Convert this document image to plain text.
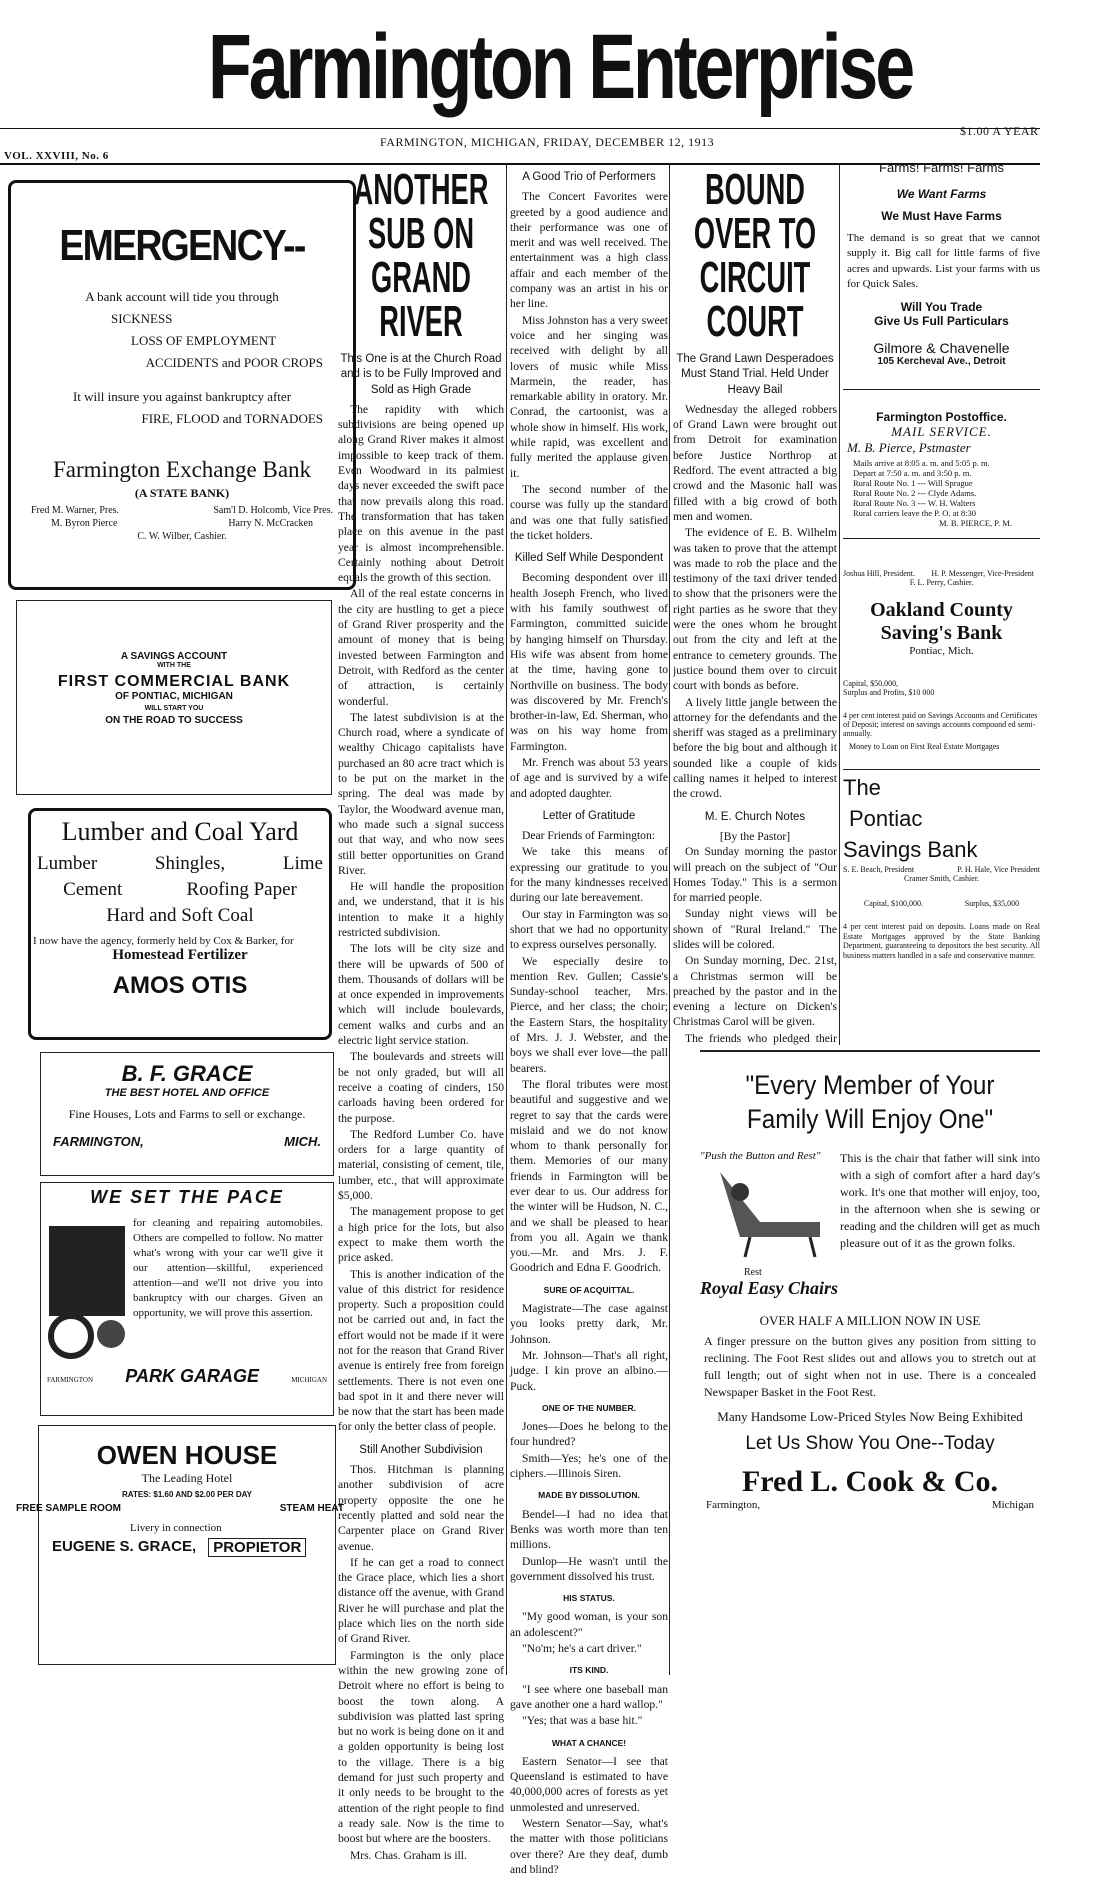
Farmington Enterprise
VOL. XXVIII, No. 6
FARMINGTON, MICHIGAN, FRIDAY, DECEMBER 12, 1913
$1.00 A YEAR
EMERGENCY--
A bank account will tide you through
SICKNESS
LOSS OF EMPLOYMENT
ACCIDENTS and POOR CROPS
It will insure you against bankruptcy after
FIRE, FLOOD and TORNADOES
Farmington Exchange Bank
(A STATE BANK)
Fred M. Warner, Pres.	Sam'l D. Holcomb, Vice Pres.
M. Byron Pierce	Harry N. McCracken
C. W. Wilber, Cashier.
A SAVINGS ACCOUNT
WITH THE
FIRST COMMERCIAL BANK
OF PONTIAC, MICHIGAN
WILL START YOU
ON THE ROAD TO SUCCESS
Lumber and Coal Yard
Lumber	Shingles,	Lime
Cement	Roofing Paper
Hard and Soft Coal
I now have the agency, formerly held by Cox & Barker, for
Homestead Fertilizer
AMOS OTIS
B. F. GRACE
THE BEST HOTEL AND OFFICE
Fine Houses, Lots and Farms to sell or exchange.
FARMINGTON,	MICH.
WE SET THE PACE
for cleaning and repairing automobiles. Others are compelled to follow. No matter what's wrong with your car we'll give it our attention—skillful, experienced attention—and we'll not drive you into bankruptcy with our charges. Given an opportunity, we will prove this assertion.
FARMINGTON PARK GARAGE	MICHIGAN
OWEN HOUSE
The Leading Hotel
RATES: $1.60 AND $2.00 PER DAY
FREE SAMPLE ROOM	STEAM HEAT
Livery in connection
EUGENE S. GRACE,	PROPIETOR
ANOTHER SUB ON GRAND RIVER
This One is at the Church Road and is to be Fully Improved and Sold as High Grade

The rapidity with which subdivisions are being opened up along Grand River makes it almost impossible to keep track of them. Even Woodward in its palmiest days never exceeded the swift pace that now prevails along this road. The transformation that has taken place on this avenue in the past year is almost incomprehensible. Certainly nothing about Detroit equals the growth of this section.

All of the real estate concerns in the city are hustling to get a piece of Grand River prosperity and the amount of money that is being invested between Farmington and Detroit, with Redford as the center of attraction, is certainly wonderful.

The latest subdivision is at the Church road, where a syndicate of wealthy Chicago capitalists have purchased an 80 acre tract which is to be put on the market in the spring. The deal was made by Taylor, the Woodward avenue man, who made such a signal success out that way, and who now sees still better opportunities on Grand River.

He will handle the proposition and, we understand, that it is his intention to make it a highly restricted subdivision.

The lots will be city size and there will be upwards of 500 of them. Thousands of dollars will be at once expended in improvements which will include boulevards, cement walks and curbs and an electric light service station.

The boulevards and streets will be not only graded, but will all receive a coating of cinders, 150 carloads having been ordered for the purpose.

The Redford Lumber Co. have orders for a large quantity of material, consisting of cement, tile, lumber, etc., that will approximate $5,000.

The management propose to get a high price for the lots, but also expect to make them worth the price asked.

This is another indication of the value of this district for residence property. Such a proposition could not be carried out and, in fact the effort would not be made if it were not for the reason that Grand River avenue is entirely free from foreign settlements. There is not even one bad spot in it and there never will be now that the start has been made for only the better class of people.

Still Another Subdivision

Thos. Hitchman is planning another subdivision of acre property opposite the one he recently platted and sold near the Carpenter place on Grand River avenue.

If he can get a road to connect the Grace place, which lies a short distance off the avenue, with Grand River he will purchase and plat the place which lies on the north side of Grand River.

Farmington is the only place within the new growing zone of Detroit where no effort is being to boost the town along. A subdivision was platted last spring but no work is being done on it and a golden opportunity is being lost to the village. There is a big demand for just such property and it only needs to be brought to the attention of the right people to find a ready sale. Now is the time to boost but where are the boosters.

Mrs. Chas. Graham is ill.

A Good Trio of Performers

The Concert Favorites were greeted by a good audience and their performance was one of merit and was well received. The entertainment was a high class affair and each member of the company was an artist in his or her line.

Miss Johnston has a very sweet voice and her singing was received with delight by all lovers of music while Miss Marmein, the reader, has remarkable ability in oratory. Mr. Conrad, the cartoonist, was a whole show in himself. His work, while rapid, was excellent and fully merited the applause given it.

The second number of the course was fully up the standard and was one that fully satisfied the ticket holders.

Killed Self While Despondent

Becoming despondent over ill health Joseph French, who lived with his family southwest of Farmington, committed suicide by hanging himself on Thursday. His wife was absent from home at the time, having gone to Northville on business. The body was discovered by Mr. French's brother-in-law, Ed. Sherman, who was on his way home from Farmington.

Mr. French was about 53 years of age and is survived by a wife and adopted daughter.

Letter of Gratitude

Dear Friends of Farmington:

We take this means of expressing our gratitude to you for the many kindnesses received during our late bereavement.

Our stay in Farmington was so short that we had no opportunity to express ourselves personally.

We especially desire to mention Rev. Gullen; Cassie's Sunday-school teacher, Mrs. Pierce, and her class; the choir; the Eastern Stars, the hospitality of Mrs. J. J. Webster, and the boys we shall ever love—the pall bearers.

The floral tributes were most beautiful and suggestive and we regret to say that the cards were mislaid and we do not know whom to thank personally for them. Memories of our many friends in Farmington will be ever dear to us. Our address for the winter will be Hudson, N. C., and we shall be pleased to hear from you all. Again we thank you.—Mr. and Mrs. J. F. Goodrich and Edna F. Goodrich.

SURE OF ACQUITTAL.

Magistrate—The case against you looks pretty dark, Mr. Johnson.

Mr. Johnson—That's all right, judge. I kin prove an albino.—Puck.

ONE OF THE NUMBER.

Jones—Does he belong to the four hundred?

Smith—Yes; he's one of the ciphers.—Illinois Siren.

MADE BY DISSOLUTION.

Bendel—I had no idea that Benks was worth more than ten millions.

Dunlop—He wasn't until the government dissolved his trust.

HIS STATUS.

"My good woman, is your son an adolescent?"

"No'm; he's a cart driver."

ITS KIND.

"I see where one baseball man gave another one a hard wallop."

"Yes; that was a base hit."

WHAT A CHANCE!

Eastern Senator—I see that Queensland is estimated to have 40,000,000 acres of forests as yet unmolested and unreserved.

Western Senator—Say, what's the matter with those politicians over there? Are they deaf, dumb and blind?

BOUND OVER TO CIRCUIT COURT
The Grand Lawn Desperadoes Must Stand Trial. Held Under Heavy Bail

Wednesday the alleged robbers of Grand Lawn were brought out from Detroit for examination before Justice Northrop at Redford. The event attracted a big crowd and the Masonic hall was filled with a big crowd of both men and women.

The evidence of E. B. Wilhelm was taken to prove that the attempt was made to rob the place and the testimony of the taxi driver tended to show that the prisoners were the right parties as he swore that they were the ones whom he brought out from the city and left at the entrance to cemetery grounds. The justice bound them over to circuit court with bonds as before.

A lively little jangle between the attorney for the defendants and the sheriff was staged as a preliminary before the big bout and although it sounded like a couple of kids calling names it helped to interest the crowd.

M. E. Church Notes
[By the Pastor]

On Sunday morning the pastor will preach on the subject of "Our Homes Today." This is a sermon for married people.

Sunday night views will be shown of "Rural Ireland." The slides will be colored.

On Sunday morning, Dec. 21st, a Christmas sermon will be preached by the pastor and in the evening a lecture on Dicken's Christmas Carol will be given.

The friends who pledged their

Farms! Farms! Farms
We Want Farms
We Must Have Farms
The demand is so great that we cannot supply it. Big call for little farms of five acres and upwards. List your farms with us for Quick Sales.
Will You Trade
Give Us Full Particulars
Gilmore & Chavenelle
105 Kercheval Ave., Detroit
Farmington Postoffice.
MAIL SERVICE.
M. B. Pierce, Pstmaster
Mails arrive at 8:05 a. m. and 5:05 p. m.
Depart at 7:50 a. m. and 3:50 p. m.
Rural Route No. 1 --- Will Sprague
Rural Route No. 2 --- Clyde Adams.
Rural Route No. 3 --- W. H. Walters
Rural carriers leave the P. O. at 8:30
M. B. PIERCE, P. M.
Joshua Hill, President. H. P. Messenger, Vice-President
F. L. Perry, Cashier.
Oakland County Saving's Bank
Pontiac, Mich.
Capital, $50,000,
Surplus and Profits, $10 000
4 per cent interest paid on Savings Accounts and Certificates of Deposit; interest on savings accounts compound ed semi-annually.
Money to Loan on First Real Estate Mortgages
The
Pontiac
Savings Bank
S. E. Beach, President	P. H. Hale, Vice President
Cramer Smith, Cashier.
Capital, $100,000.	Surplus, $35,000
4 per cent interest paid on deposits. Loans made on Real Estate Mortgages approved by the State Banking Department, guaranteeing to depositors the best security. All business matters handled in a safe and conservative manner.
"Every Member of Your Family Will Enjoy One"
"Push the Button and Rest"
Rest
Royal Easy Chairs
This is the chair that father will sink into with a sigh of comfort after a hard day's work. It's one that mother will enjoy, too, in the afternoon when she is sewing or reading and the children will get as much pleasure out of it as the grown folks.
OVER HALF A MILLION NOW IN USE
A finger pressure on the button gives any position from sitting to reclining. The Foot Rest slides out and allows you to stretch out at full length; out of sight when not in use. There is a concealed Newspaper Basket in the Foot Rest.
Many Handsome Low-Priced Styles Now Being Exhibited
Let Us Show You One--Today
Fred L. Cook & Co.
Farmington,	Michigan
